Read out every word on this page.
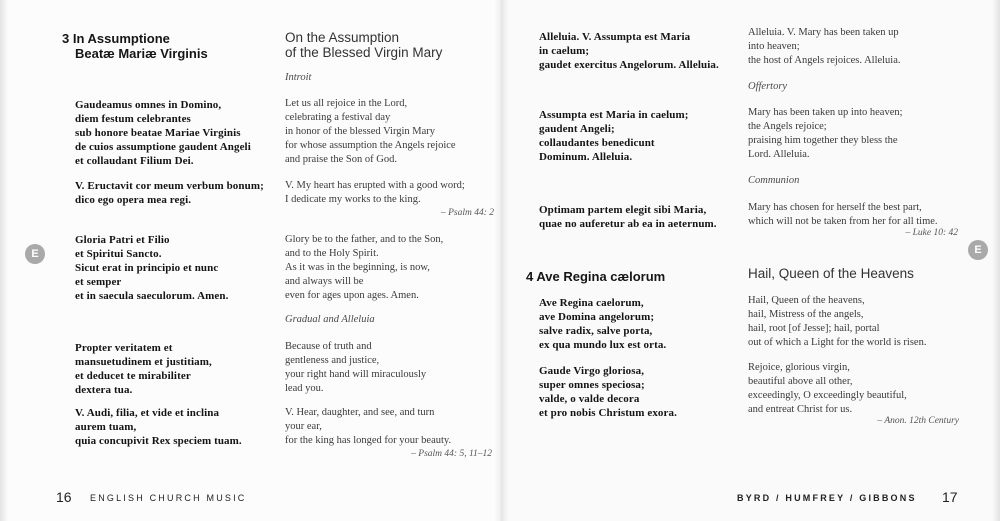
3 In Assumptione
Beatæ Mariæ Virginis
Gaudeamus omnes in Domino,
diem festum celebrantes
sub honore beatae Mariae Virginis
de cuios assumptione gaudent Angeli
et collaudant Filium Dei.
V. Eructavit cor meum verbum bonum;
dico ego opera mea regi.
Gloria Patri et Filio
et Spiritui Sancto.
Sicut erat in principio et nunc
et semper
et in saecula saeculorum. Amen.
Propter veritatem et
mansuetudinem et justitiam,
et deducet te mirabiliter
dextera tua.
V. Audi, filia, et vide et inclina
aurem tuam,
quia concupivit Rex speciem tuam.
On the Assumption
of the Blessed Virgin Mary
Introit
Let us all rejoice in the Lord,
celebrating a festival day
in honor of the blessed Virgin Mary
for whose assumption the Angels rejoice
and praise the Son of God.
V. My heart has erupted with a good word;
I dedicate my works to the king.
– Psalm 44: 2
Glory be to the father, and to the Son,
and to the Holy Spirit.
As it was in the beginning, is now,
and always will be
even for ages upon ages. Amen.
Gradual and Alleluia
Because of truth and
gentleness and justice,
your right hand will miraculously
lead you.
V. Hear, daughter, and see, and turn
your ear,
for the king has longed for your beauty.
– Psalm 44: 5, 11–12
E
16 ENGLISH CHURCH MUSIC
Alleluia. V. Assumpta est Maria
in caelum;
gaudet exercitus Angelorum. Alleluia.
Assumpta est Maria in caelum;
gaudent Angeli;
collaudantes benedicunt
Dominum. Alleluia.
Optimam partem elegit sibi Maria,
quae no auferetur ab ea in aeternum.
4 Ave Regina cælorum
Ave Regina caelorum,
ave Domina angelorum;
salve radix, salve porta,
ex qua mundo lux est orta.
Gaude Virgo gloriosa,
super omnes speciosa;
valde, o valde decora
et pro nobis Christum exora.
Alleluia. V. Mary has been taken up
into heaven;
the host of Angels rejoices. Alleluia.
Offertory
Mary has been taken up into heaven;
the Angels rejoice;
praising him together they bless the
Lord. Alleluia.
Communion
Mary has chosen for herself the best part,
which will not be taken from her for all time.
– Luke 10: 42
Hail, Queen of the Heavens
Hail, Queen of the heavens,
hail, Mistress of the angels,
hail, root [of Jesse]; hail, portal
out of which a Light for the world is risen.
Rejoice, glorious virgin,
beautiful above all other,
exceedingly, O exceedingly beautiful,
and entreat Christ for us.
– Anon. 12th Century
E
BYRD / HUMFREY / GIBBONS 17
